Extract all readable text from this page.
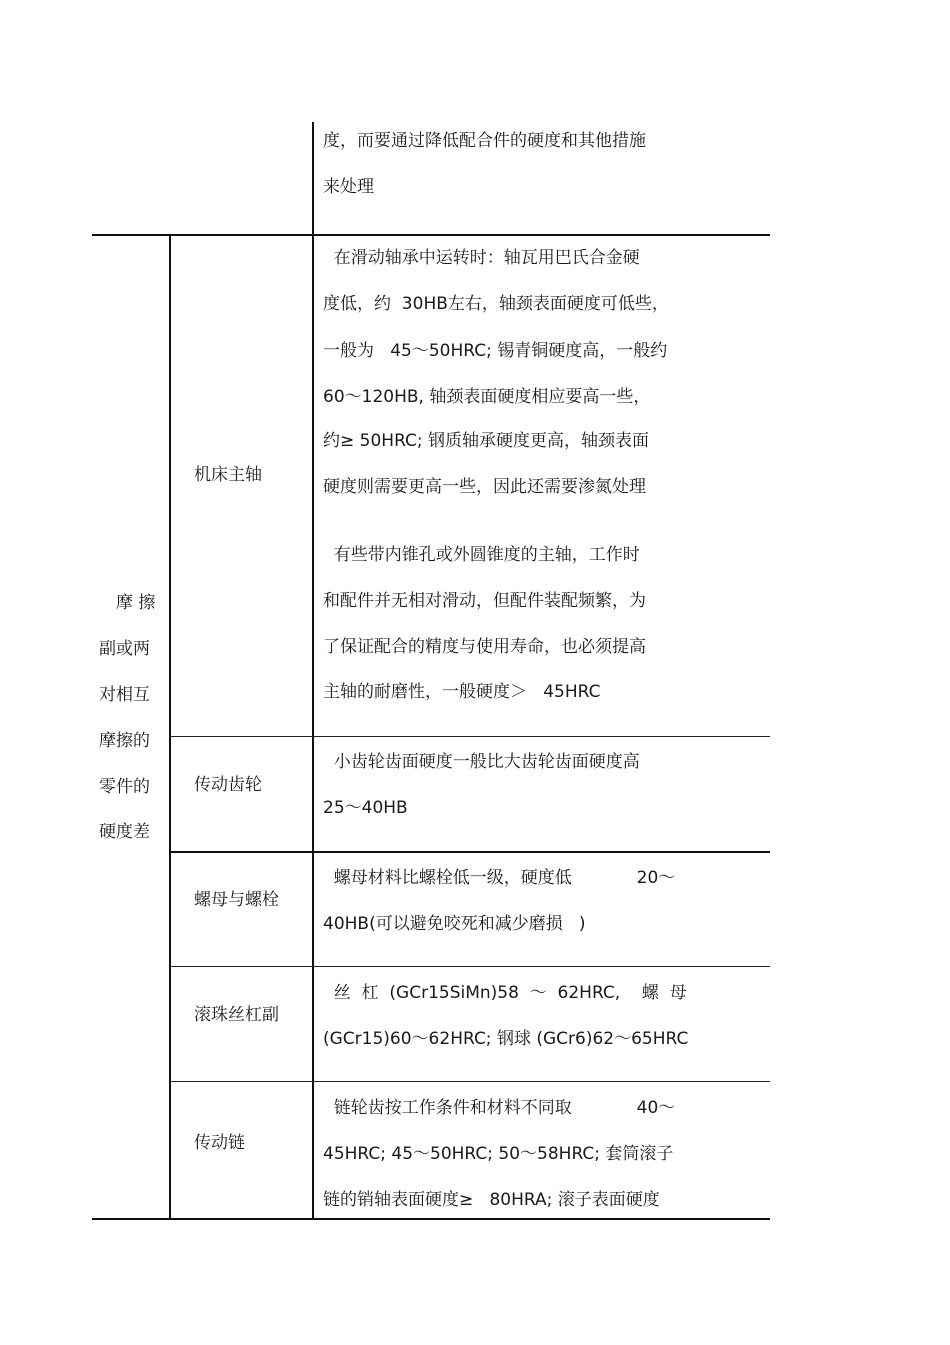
度，而要通过降低配合件的硬度和其他措施
来处理
摩 擦
副或两
对相互
摩擦的
零件的
硬度差
机床主轴
在滑动轴承中运转时：轴瓦用巴氏合金硬
度低，约  30HB左右，轴颈表面硬度可低些，
一般为   45～50HRC; 锡青铜硬度高，一般约
60～120HB, 轴颈表面硬度相应要高一些，
约≥ 50HRC; 钢质轴承硬度更高，轴颈表面
硬度则需要更高一些，因此还需要渗氮处理
有些带内锥孔或外圆锥度的主轴，工作时
和配件并无相对滑动，但配件装配频繁，为
了保证配合的精度与使用寿命，也必须提高
主轴的耐磨性，一般硬度＞   45HRC
传动齿轮
小齿轮齿面硬度一般比大齿轮齿面硬度高
25～40HB
螺母与螺栓
螺母材料比螺栓低一级，硬度低            20～
40HB(可以避免咬死和减少磨损   )
滚珠丝杠副
丝  杠  (GCr15SiMn)58  ～  62HRC,    螺  母
(GCr15)60～62HRC; 钢球 (GCr6)62～65HRC
传动链
链轮齿按工作条件和材料不同取            40～
45HRC; 45～50HRC; 50～58HRC; 套筒滚子
链的销轴表面硬度≥   80HRA; 滚子表面硬度
